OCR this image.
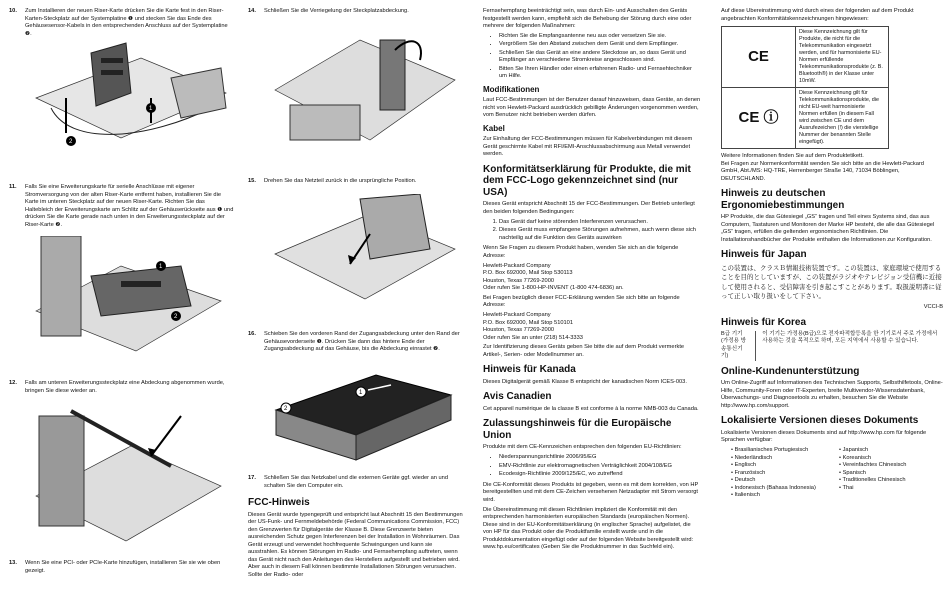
10.	Zum Installieren der neuen Riser-Karte drücken Sie die Karte fest in den Riser-Karten-Steckplatz auf der Systemplatine ❶ und stecken Sie das Ende des Gehäusesensor-Kabels in den entsprechenden Anschluss auf der Systemplatine ❷.
1
2
11.	Falls Sie eine Erweiterungskarte für serielle Anschlüsse mit eigener Stromversorgung von der alten Riser-Karte entfernt haben, installieren Sie die Karte im unteren Steckplatz auf der neuen Riser-Karte. Richten Sie das Haltebleich der Erweiterungskarte am Schlitz auf der Gehäuserückseite aus ❶ und drücken Sie die Karte gerade nach unten in den Erweiterungssteckplatz auf der Riser-Karte ❷.
1
2
12.	Falls am unteren Erweiterungssteckplatz eine Abdeckung abgenommen wurde, bringen Sie diese wieder an.
13.	Wenn Sie eine PCI- oder PCIe-Karte hinzufügen, installieren Sie sie wie oben gezeigt.
14.	Schließen Sie die Verriegelung der Steckplatzabdeckung.
15.	Drehen Sie das Netzteil zurück in die ursprüngliche Position.
16.	Schieben Sie den vorderen Rand der Zugangsabdeckung unter den Rand der Gehäusevorderseite ❶. Drücken Sie dann das hintere Ende der Zugangsabdeckung auf das Gehäuse, bis die Abdeckung einrastet ❷.
1
2
17.	Schließen Sie das Netzkabel und die externen Geräte ggf. wieder an und schalten Sie den Computer ein.
FCC-Hinweis

Dieses Gerät wurde typengeprüft und entspricht laut Abschnitt 15 den Bestimmungen der US-Funk- und Fernmeldebehörde (Federal Communications Commission, FCC) den Grenzwerten für Digitalgeräte der Klasse B. Diese Grenzwerte bieten ausreichenden Schutz gegen Interferenzen bei der Installation in Wohnräumen. Das Gerät erzeugt und verwendet hochfrequente Schwingungen und kann sie ausstrahlen. Es können Störungen im Radio- und Fernsehempfang auftreten, wenn das Gerät nicht nach den Anleitungen des Herstellers aufgestellt und betrieben wird. Aber auch in diesem Fall können bestimmte Installationen Störungen verursachen. Sollte der Radio- oder

Fernsehempfang beeinträchtigt sein, was durch Ein- und Ausschalten des Geräts festgestellt werden kann, empfiehlt sich die Behebung der Störung durch eine oder mehrere der folgenden Maßnahmen:

• Richten Sie die Empfangsantenne neu aus oder versetzen Sie sie.
• Vergrößern Sie den Abstand zwischen dem Gerät und dem Empfänger.
• Schließen Sie das Gerät an eine andere Steckdose an, so dass Gerät und Empfänger an verschiedene Stromkreise angeschlossen sind.
• Bitten Sie Ihren Händler oder einen erfahrenen Radio- und Fernsehtechniker um Hilfe.
Modifikationen

Laut FCC-Bestimmungen ist der Benutzer darauf hinzuweisen, dass Geräte, an denen nicht von Hewlett-Packard ausdrücklich gebilligte Änderungen vorgenommen werden, vom Benutzer nicht betrieben werden dürfen.

Kabel

Zur Einhaltung der FCC-Bestimmungen müssen für Kabelverbindungen mit diesem Gerät geschirmte Kabel mit RFI/EMI-Anschlussabschirmung aus Metall verwendet werden.

Konformitätserklärung für Produkte, die mit dem FCC-Logo gekennzeichnet sind (nur USA)

Dieses Gerät entspricht Abschnitt 15 der FCC-Bestimmungen. Der Betrieb unterliegt den beiden folgenden Bedingungen:

1. Das Gerät darf keine störenden Interferenzen verursachen.
2. Dieses Gerät muss empfangene Störungen aufnehmen, auch wenn diese sich nachteilig auf die Funktion des Geräts auswirken

Wenn Sie Fragen zu diesem Produkt haben, wenden Sie sich an die folgende Adresse:

Hewlett-Packard Company
P.O. Box 692000, Mail Stop 530113
Houston, Texas 77269-2000
Oder rufen Sie 1-800-HP-INVENT (1-800 474-6836) an.

Bei Fragen bezüglich dieser FCC-Erklärung wenden Sie sich bitte an folgende Adresse:

Hewlett-Packard Company
P.O. Box 692000, Mail Stop 510101
Houston, Texas 77269-2000
Oder rufen Sie an unter (218) 514-3333

Zur Identifizierung dieses Geräts geben Sie bitte die auf dem Produkt vermerkte Artikel-, Serien- oder Modellnummer an.

Hinweis für Kanada

Dieses Digitalgerät gemäß Klasse B entspricht der kanadischen Norm ICES-003.

Avis Canadien

Cet appareil numérique de la classe B est conforme à la norme NMB-003 du Canada.

Zulassungshinweis für die Europäische Union

Produkte mit dem CE-Kennzeichen entsprechen den folgenden EU-Richtlinien:

• Niederspannungsrichtlinie 2006/95/EG
• EMV-Richtlinie zur elektromagnetischen Verträglichkeit 2004/108/EG
• Ecodesign-Richtlinie 2009/125/EC, wo zutreffend

Die CE-Konformität dieses Produkts ist gegeben, wenn es mit dem korrekten, von HP bereitgestellten und mit dem CE-Zeichen versehenen Netzadapter mit Strom versorgt wird.

Die Übereinstimmung mit diesen Richtlinien impliziert die Konformität mit den entsprechenden harmonisierten europäischen Standards (europäischen Normen). Diese sind in der EU-Konformitätserklärung (in englischer Sprache) aufgelistet, die von HP für das Produkt oder die Produktfamilie erstellt wurde und in die Produktdokumentation eingefügt oder auf der folgenden Website bereitgestellt wird: www.hp.eu/certificates (Geben Sie die Produktnummer in das Suchfeld ein).

Auf diese Übereinstimmung wird durch eines der folgenden auf dem Produkt angebrachten Konformitätskennzeichnungen hingewiesen:

CE	Diese Kennzeichnung gilt für Produkte, die nicht für die Telekommunikation eingesetzt werden, und für harmonisierte EU-Normen erfüllende Telekommunikationsprodukte (z. B. Bluetooth®) in der Klasse unter 10mW.
CE ⓘ	Diese Kennzeichnung gilt für Telekommunikationsprodukte, die nicht EU-weit harmonisierte Normen erfüllen (in diesem Fall wird zwischen CE und dem Ausrufezeichen (!) die vierstellige Nummer der benannten Stelle eingefügt).

Weitere Informationen finden Sie auf dem Produktetikett.

Bei Fragen zur Normenkonformität wenden Sie sich bitte an die Hewlett-Packard GmbH, Abt./MS: HQ-TRE, Herrenberger Straße 140, 71034 Böblingen, DEUTSCHLAND.

Hinweis zu deutschen Ergonomiebestimmungen

HP Produkte, die das Gütesiegel „GS“ tragen und Teil eines Systems sind, das aus Computern, Tastaturen und Monitoren der Marke HP besteht, die alle das Gütesiegel „GS“ tragen, erfüllen die geltenden ergonomischen Richtlinien. Die Installationshandbücher der Produkte enthalten die Informationen zur Konfiguration.

Hinweis für Japan

この装置は、クラスＢ情報技術装置です。この装置は、家庭環境で使用することを目的としていますが、この装置がラジオやテレビジョン受信機に近接して使用されると、受信障害を引き起こすことがあります。取扱説明書に従って正しい取り扱いをして下さい。

VCCI-B

Hinweis für Korea
B급 기기
(가정용 방송통신기기)
이 기기는 가정용(B급)으로 전자파적합등록을 한 기기로서 주로 가정에서 사용하는 것을 목적으로 하며, 모든 지역에서 사용할 수 있습니다.
Online-Kundenunterstützung

Um Online-Zugriff auf Informationen des Technischen Supports, Selbsthilfetools, Online-Hilfe, Community-Foren oder IT-Experten, breite Multivendor-Wissensdatenbank, Überwachungs- und Diagnosetools zu erhalten, besuchen Sie die Website http://www.hp.com/support.

Lokalisierte Versionen dieses Dokuments

Lokalisierte Versionen dieses Dokuments sind auf http://www.hp.com für folgende Sprachen verfügbar:

• Brasilianisches Portugiesisch	• Japanisch
• Niederländisch	• Koreanisch
• Englisch	• Vereinfachtes Chinesisch
• Französisch	• Spanisch
• Deutsch	• Traditionelles Chinesisch
• Indonesisch (Bahasa Indonesia)	• Thai
• Italienisch
